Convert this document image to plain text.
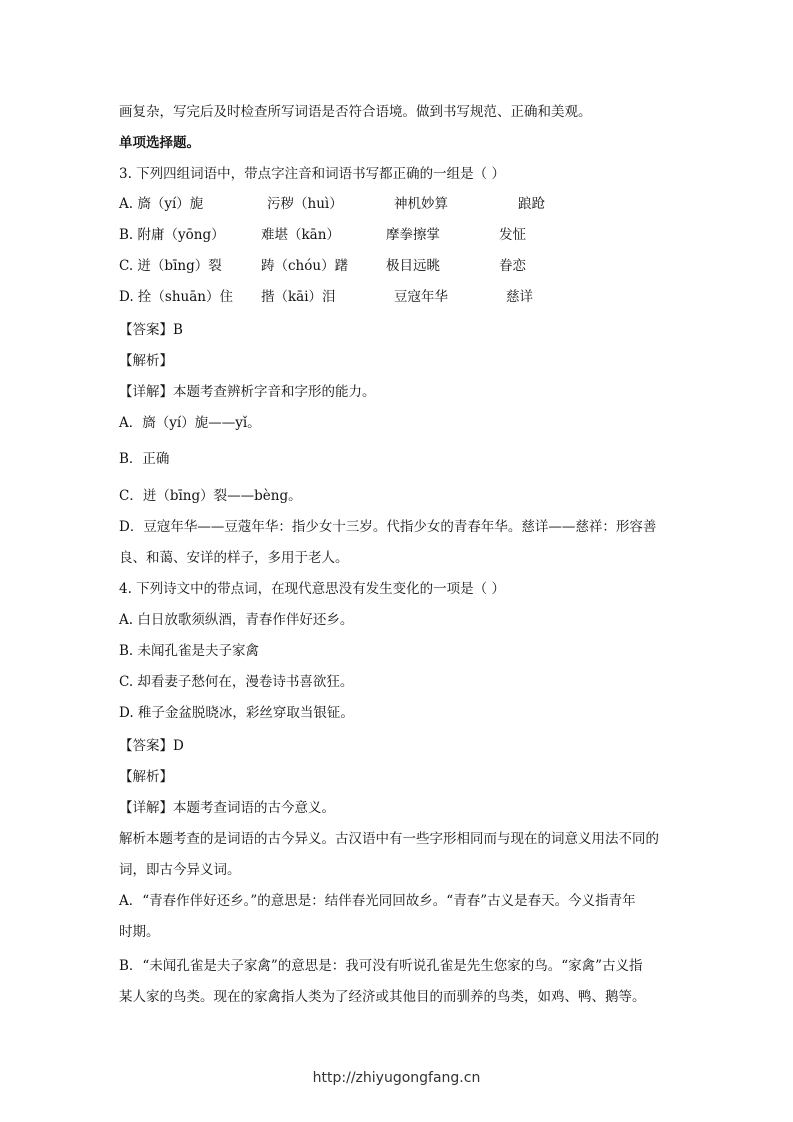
画复杂，写完后及时检查所写词语是否符合语境。做到书写规范、正确和美观。
单项选择题。
3. 下列四组词语中，带点字注音和词语书写都正确的一组是（ ）
A. 旖（yí）旎	污秽（huì）	神机妙算	踉跄
B. 附庸（yōng）	难堪（kān）	摩拳擦掌	发怔
C. 迸（bīng）裂	踌（chóu）躇	极目远眺	眷恋
D. 拴（shuān）住 揩（kāi）泪	豆寇年华	慈详
【答案】B
【解析】
【详解】本题考查辨析字音和字形的能力。
A．旖（yí）旎——yǐ。
B．正确
C．迸（bīng）裂——bèng。
D．豆寇年华——豆蔻年华：指少女十三岁。代指少女的青春年华。慈详——慈祥：形容善
良、和蔼、安详的样子，多用于老人。
4. 下列诗文中的带点词，在现代意思没有发生变化的一项是（ ）
A. 白日放歌须纵酒，青春作伴好还乡。
B. 未闻孔雀是夫子家禽
C. 却看妻子愁何在，漫卷诗书喜欲狂。
D. 稚子金盆脱晓冰，彩丝穿取当银钲。
【答案】D
【解析】
【详解】本题考查词语的古今意义。
解析本题考查的是词语的古今异义。古汉语中有一些字形相同而与现在的词意义用法不同的
词，即古今异义词。
A．“青春作伴好还乡。”的意思是：结伴春光同回故乡。“青春”古义是春天。今义指青年
时期。
B．“未闻孔雀是夫子家禽”的意思是：我可没有听说孔雀是先生您家的鸟。“家禽”古义指
某人家的鸟类。现在的家禽指人类为了经济或其他目的而驯养的鸟类，如鸡、鸭、鹅等。
http://zhiyugongfang.cn
